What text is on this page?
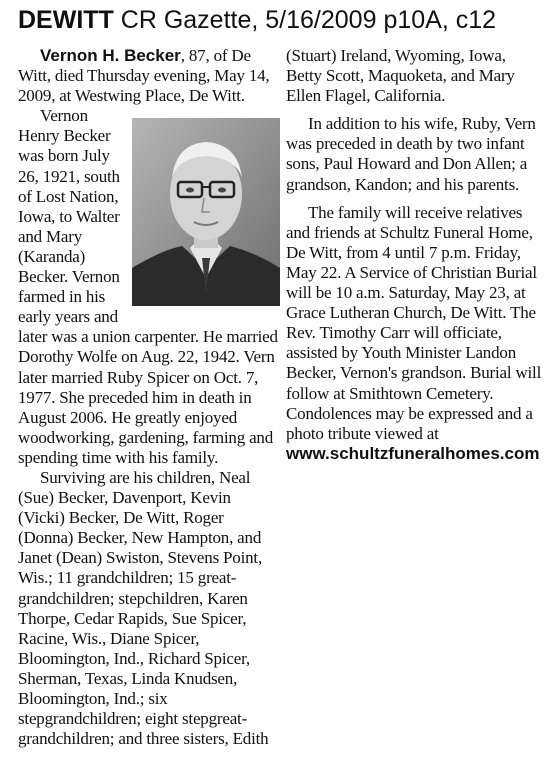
DEWITT CR Gazette, 5/16/2009 p10A, c12

Vernon H. Becker, 87, of De Witt, died Thursday evening, May 14, 2009, at Westwing Place, De Witt.

Vernon Henry Becker was born July 26, 1921, south of Lost Nation, Iowa, to Walter and Mary (Karanda) Becker. Vernon farmed in his early years and later was a union carpenter. He married Dorothy Wolfe on Aug. 22, 1942. Vern later married Ruby Spicer on Oct. 7, 1977. She preceded him in death in August 2006. He greatly enjoyed woodworking, gardening, farming and spending time with his family.

Surviving are his children, Neal (Sue) Becker, Davenport, Kevin (Vicki) Becker, De Witt, Roger (Donna) Becker, New Hampton, and Janet (Dean) Swiston, Stevens Point, Wis.; 11 grandchildren; 15 great-grandchildren; stepchildren, Karen Thorpe, Cedar Rapids, Sue Spicer, Racine, Wis., Diane Spicer, Bloomington, Ind., Richard Spicer, Sherman, Texas, Linda Knudsen, Bloomington, Ind.; six stepgrandchildren; eight stepgreat-grandchildren; and three sisters, Edith

(Stuart) Ireland, Wyoming, Iowa, Betty Scott, Maquoketa, and Mary Ellen Flagel, California.

In addition to his wife, Ruby, Vern was preceded in death by two infant sons, Paul Howard and Don Allen; a grandson, Kandon; and his parents.

The family will receive relatives and friends at Schultz Funeral Home, De Witt, from 4 until 7 p.m. Friday, May 22. A Service of Christian Burial will be 10 a.m. Saturday, May 23, at Grace Lutheran Church, De Witt. The Rev. Timothy Carr will officiate, assisted by Youth Minister Landon Becker, Vernon's grandson. Burial will follow at Smithtown Cemetery. Condolences may be expressed and a photo tribute viewed at www.schultzfuneralhomes.com
